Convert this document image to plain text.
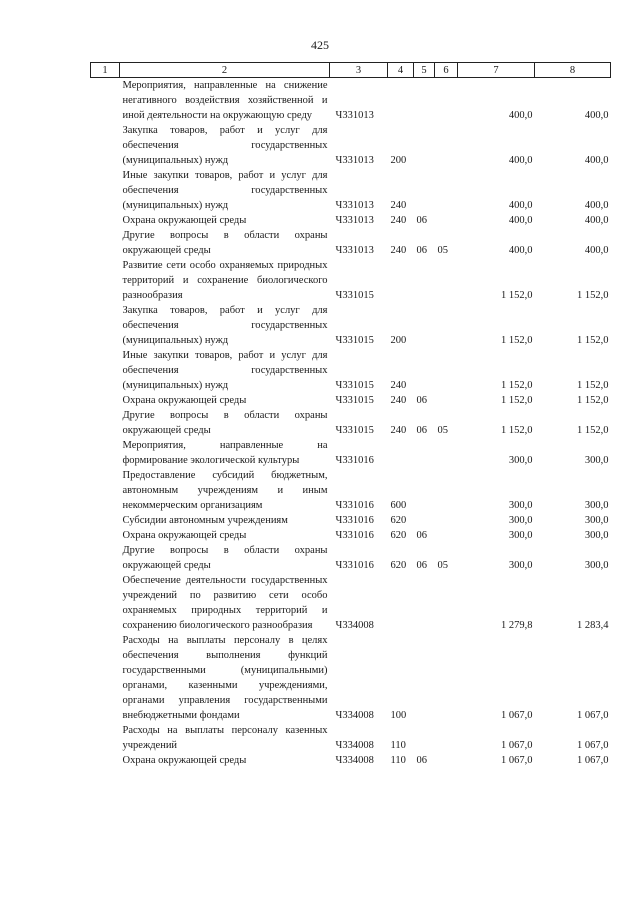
425
1	2	3	4	5	6	7	8
	Мероприятия, направленные на снижение негативного воздействия хозяйственной и иной деятельности на окружающую среду	Ч331013				400,0	400,0
	Закупка товаров, работ и услуг для обеспечения государственных (муниципальных) нужд	Ч331013	200			400,0	400,0
	Иные закупки товаров, работ и услуг для обеспечения государственных (муниципальных) нужд	Ч331013	240			400,0	400,0
	Охрана окружающей среды	Ч331013	240	06		400,0	400,0
	Другие вопросы в области охраны окружающей среды	Ч331013	240	06	05	400,0	400,0
	Развитие сети особо охраняемых природных территорий и сохранение биологического разнообразия	Ч331015				1 152,0	1 152,0
	Закупка товаров, работ и услуг для обеспечения государственных (муниципальных) нужд	Ч331015	200			1 152,0	1 152,0
	Иные закупки товаров, работ и услуг для обеспечения государственных (муниципальных) нужд	Ч331015	240			1 152,0	1 152,0
	Охрана окружающей среды	Ч331015	240	06		1 152,0	1 152,0
	Другие вопросы в области охраны окружающей среды	Ч331015	240	06	05	1 152,0	1 152,0
	Мероприятия, направленные на формирование экологической культуры	Ч331016				300,0	300,0
	Предоставление субсидий бюджетным, автономным учреждениям и иным некоммерческим организациям	Ч331016	600			300,0	300,0
	Субсидии автономным учреждениям	Ч331016	620			300,0	300,0
	Охрана окружающей среды	Ч331016	620	06		300,0	300,0
	Другие вопросы в области охраны окружающей среды	Ч331016	620	06	05	300,0	300,0
	Обеспечение деятельности государственных учреждений по развитию сети особо охраняемых природных территорий и сохранению биологического разнообразия	Ч334008				1 279,8	1 283,4
	Расходы на выплаты персоналу в целях обеспечения выполнения функций государственными (муниципальными) органами, казенными учреждениями, органами управления государственными внебюджетными фондами	Ч334008	100			1 067,0	1 067,0
	Расходы на выплаты персоналу казенных учреждений	Ч334008	110			1 067,0	1 067,0
	Охрана окружающей среды	Ч334008	110	06		1 067,0	1 067,0
